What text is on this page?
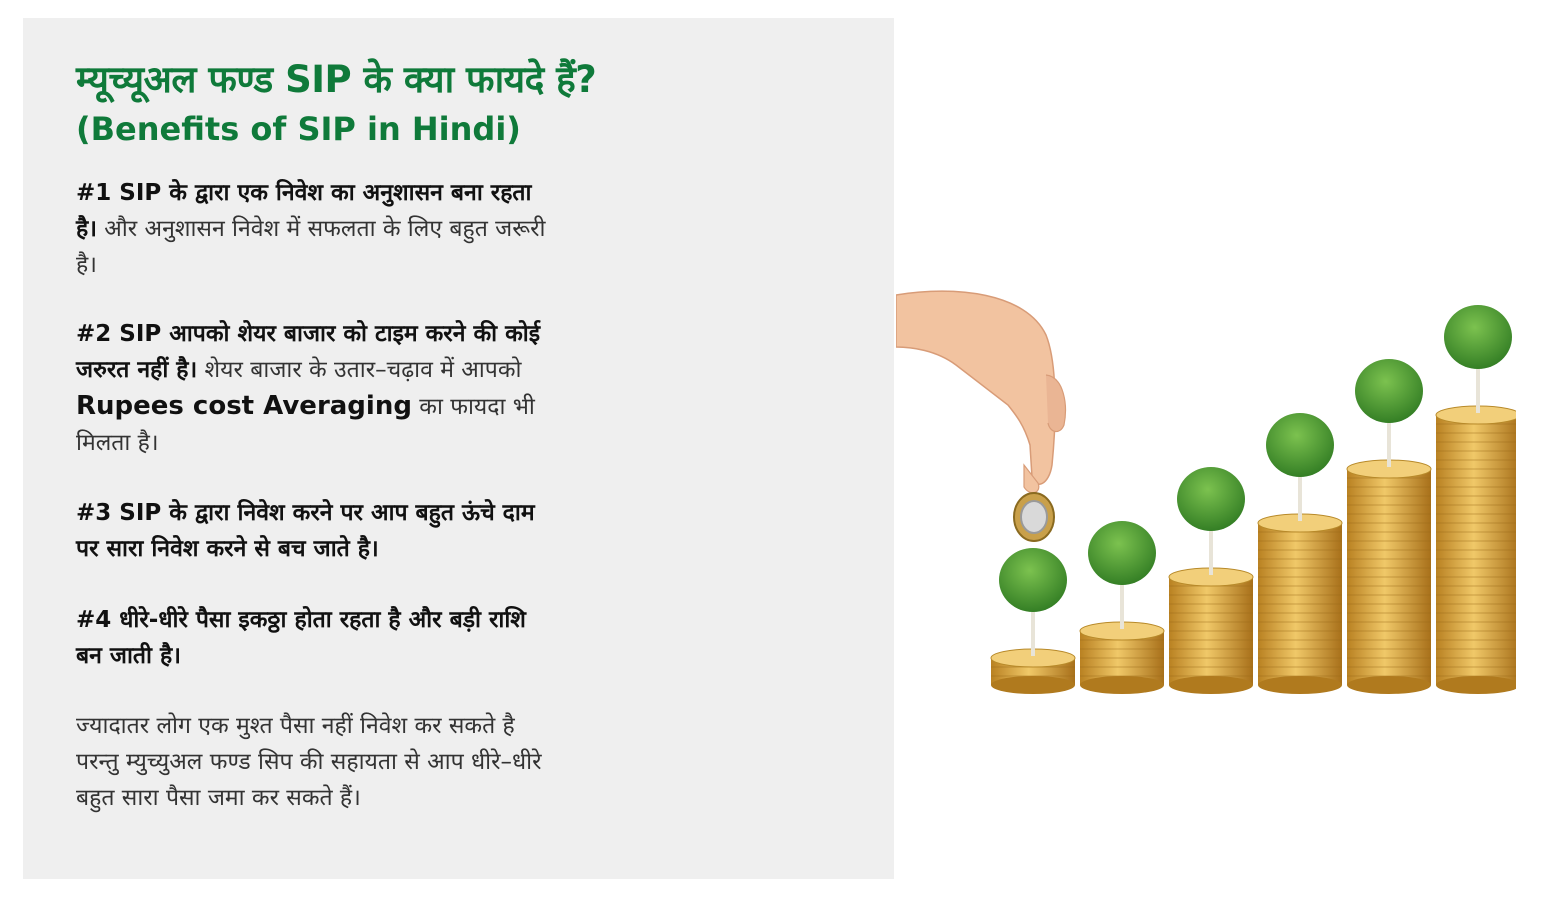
म्यूच्यूअल फण्ड SIP के क्या फायदे हैं?
(Benefits of SIP in Hindi)

#1 SIP के द्वारा एक निवेश का अनुशासन बना रहता है। और अनुशासन निवेश में सफलता के लिए बहुत जरूरी है।

#2 SIP आपको शेयर बाजार को टाइम करने की कोई जरुरत नहीं है। शेयर बाजार के उतार–चढ़ाव में आपको Rupees cost Averaging का फायदा भी मिलता है।

#3 SIP के द्वारा निवेश करने पर आप बहुत ऊंचे दाम पर सारा निवेश करने से बच जाते है।

#4 धीरे-धीरे पैसा इकठ्ठा होता रहता है और बड़ी राशि बन जाती है।

ज्यादातर लोग एक मुश्त पैसा नहीं निवेश कर सकते है परन्तु म्युच्युअल फण्ड सिप की सहायता से आप धीरे–धीरे बहुत सारा पैसा जमा कर सकते हैं।
